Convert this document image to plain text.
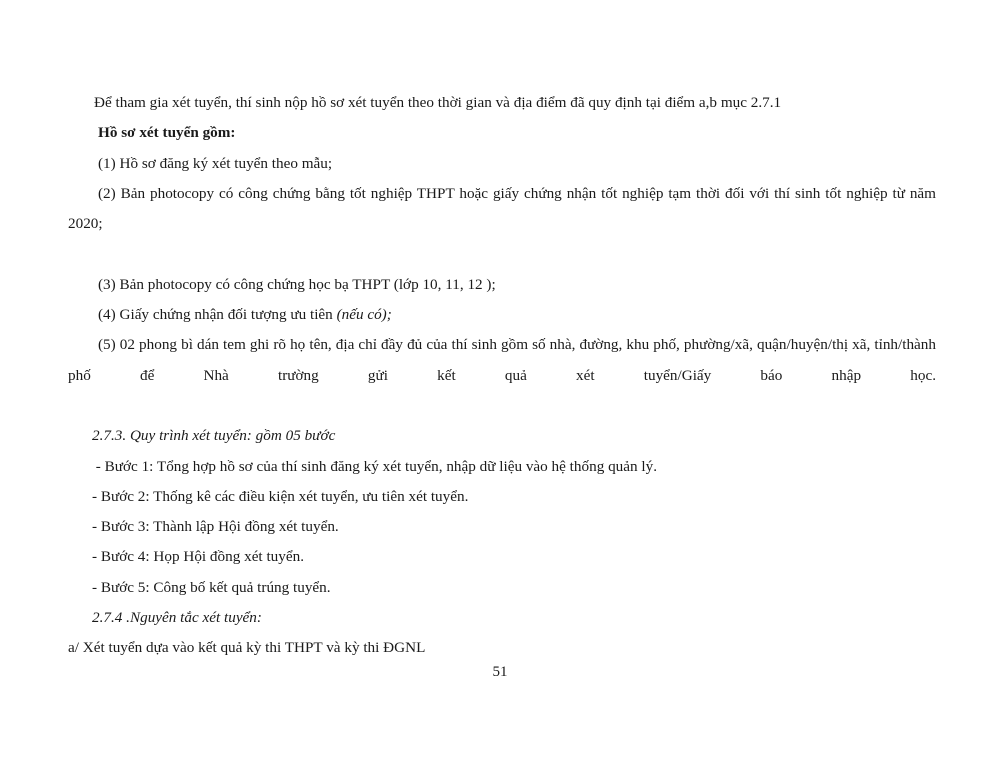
Để tham gia xét tuyển, thí sinh nộp hồ sơ xét tuyển theo thời gian và địa điểm đã quy định tại điểm a,b mục 2.7.1

Hồ sơ xét tuyển gồm:

(1) Hồ sơ đăng ký xét tuyển theo mẫu;

(2) Bản photocopy có công chứng bằng tốt nghiệp THPT hoặc giấy chứng nhận tốt nghiệp tạm thời đối với thí sinh tốt nghiệp từ năm 2020;

(3) Bản photocopy có công chứng học bạ THPT (lớp 10, 11, 12 );

(4) Giấy chứng nhận đối tượng ưu tiên (nếu có);

(5) 02 phong bì dán tem ghi rõ họ tên, địa chỉ đầy đủ của thí sinh gồm số nhà, đường, khu phố, phường/xã, quận/huyện/thị xã, tỉnh/thành phố để Nhà trường gửi kết quả xét tuyển/Giấy báo nhập học.

2.7.3. Quy trình xét tuyển: gồm 05 bước

- Bước 1: Tổng hợp hồ sơ của thí sinh đăng ký xét tuyển, nhập dữ liệu vào hệ thống quản lý.

- Bước 2: Thống kê các điều kiện xét tuyển, ưu tiên xét tuyển.

- Bước 3: Thành lập Hội đồng xét tuyển.

- Bước 4: Họp Hội đồng xét tuyển.

- Bước 5: Công bố kết quả trúng tuyển.

2.7.4 .Nguyên tắc xét tuyển:

a/ Xét tuyển dựa vào kết quả kỳ thi THPT và kỳ thi ĐGNL

51
